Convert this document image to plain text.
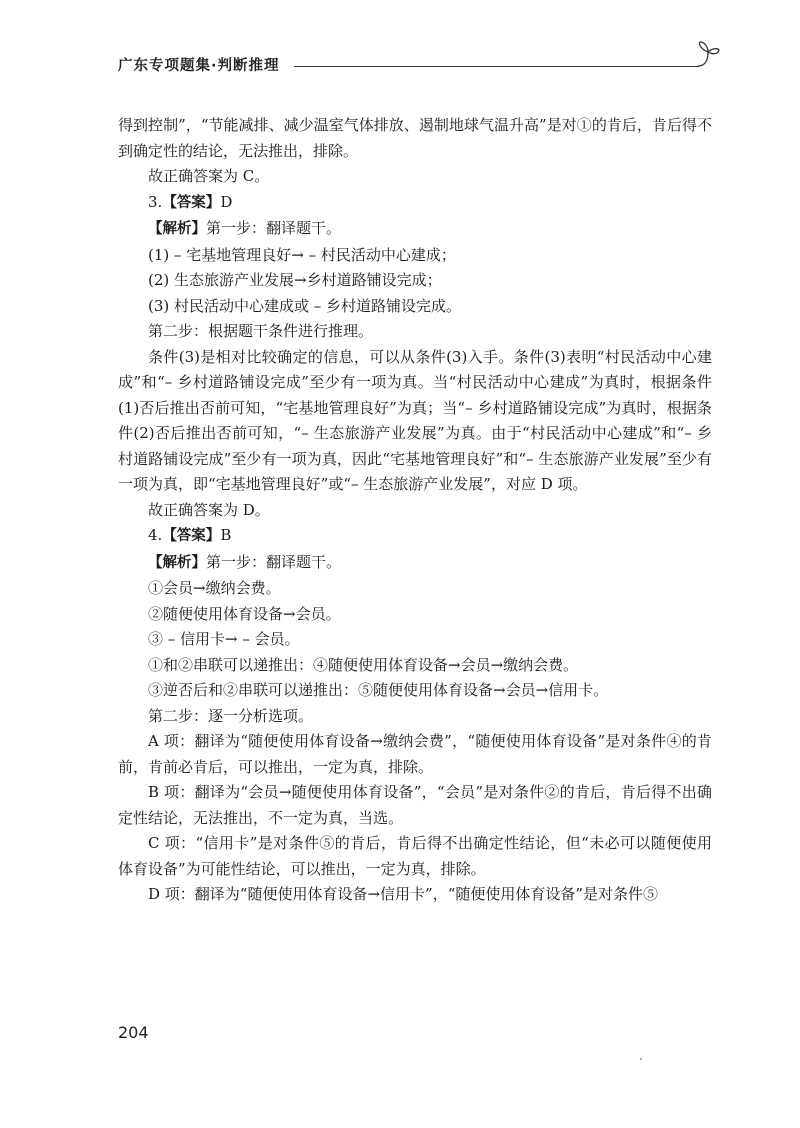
广东专项题集·判断推理

得到控制”，“节能减排、减少温室气体排放、遏制地球气温升高”是对①的肯后，肯后得不到确定性的结论，无法推出，排除。

故正确答案为 C。

3.【答案】D

【解析】第一步：翻译题干。

(1) – 宅基地管理良好→ – 村民活动中心建成；

(2) 生态旅游产业发展→乡村道路铺设完成；

(3) 村民活动中心建成或 – 乡村道路铺设完成。

第二步：根据题干条件进行推理。

条件(3)是相对比较确定的信息，可以从条件(3)入手。条件(3)表明“村民活动中心建成”和“– 乡村道路铺设完成”至少有一项为真。当“村民活动中心建成”为真时，根据条件(1)否后推出否前可知，“宅基地管理良好”为真；当“– 乡村道路铺设完成”为真时，根据条件(2)否后推出否前可知，“– 生态旅游产业发展”为真。由于“村民活动中心建成”和“– 乡村道路铺设完成”至少有一项为真，因此“宅基地管理良好”和“– 生态旅游产业发展”至少有一项为真，即“宅基地管理良好”或“– 生态旅游产业发展”，对应 D 项。

故正确答案为 D。

4.【答案】B

【解析】第一步：翻译题干。

①会员→缴纳会费。

②随便使用体育设备→会员。

③ – 信用卡→ – 会员。

①和②串联可以递推出：④随便使用体育设备→会员→缴纳会费。

③逆否后和②串联可以递推出：⑤随便使用体育设备→会员→信用卡。

第二步：逐一分析选项。

A 项：翻译为“随便使用体育设备→缴纳会费”，“随便使用体育设备”是对条件④的肯前，肯前必肯后，可以推出，一定为真，排除。

B 项：翻译为“会员→随便使用体育设备”，“会员”是对条件②的肯后，肯后得不出确定性结论，无法推出，不一定为真，当选。

C 项：“信用卡”是对条件⑤的肯后，肯后得不出确定性结论，但“未必可以随便使用体育设备”为可能性结论，可以推出，一定为真，排除。

D 项：翻译为“随便使用体育设备→信用卡”，“随便使用体育设备”是对条件⑤

204
